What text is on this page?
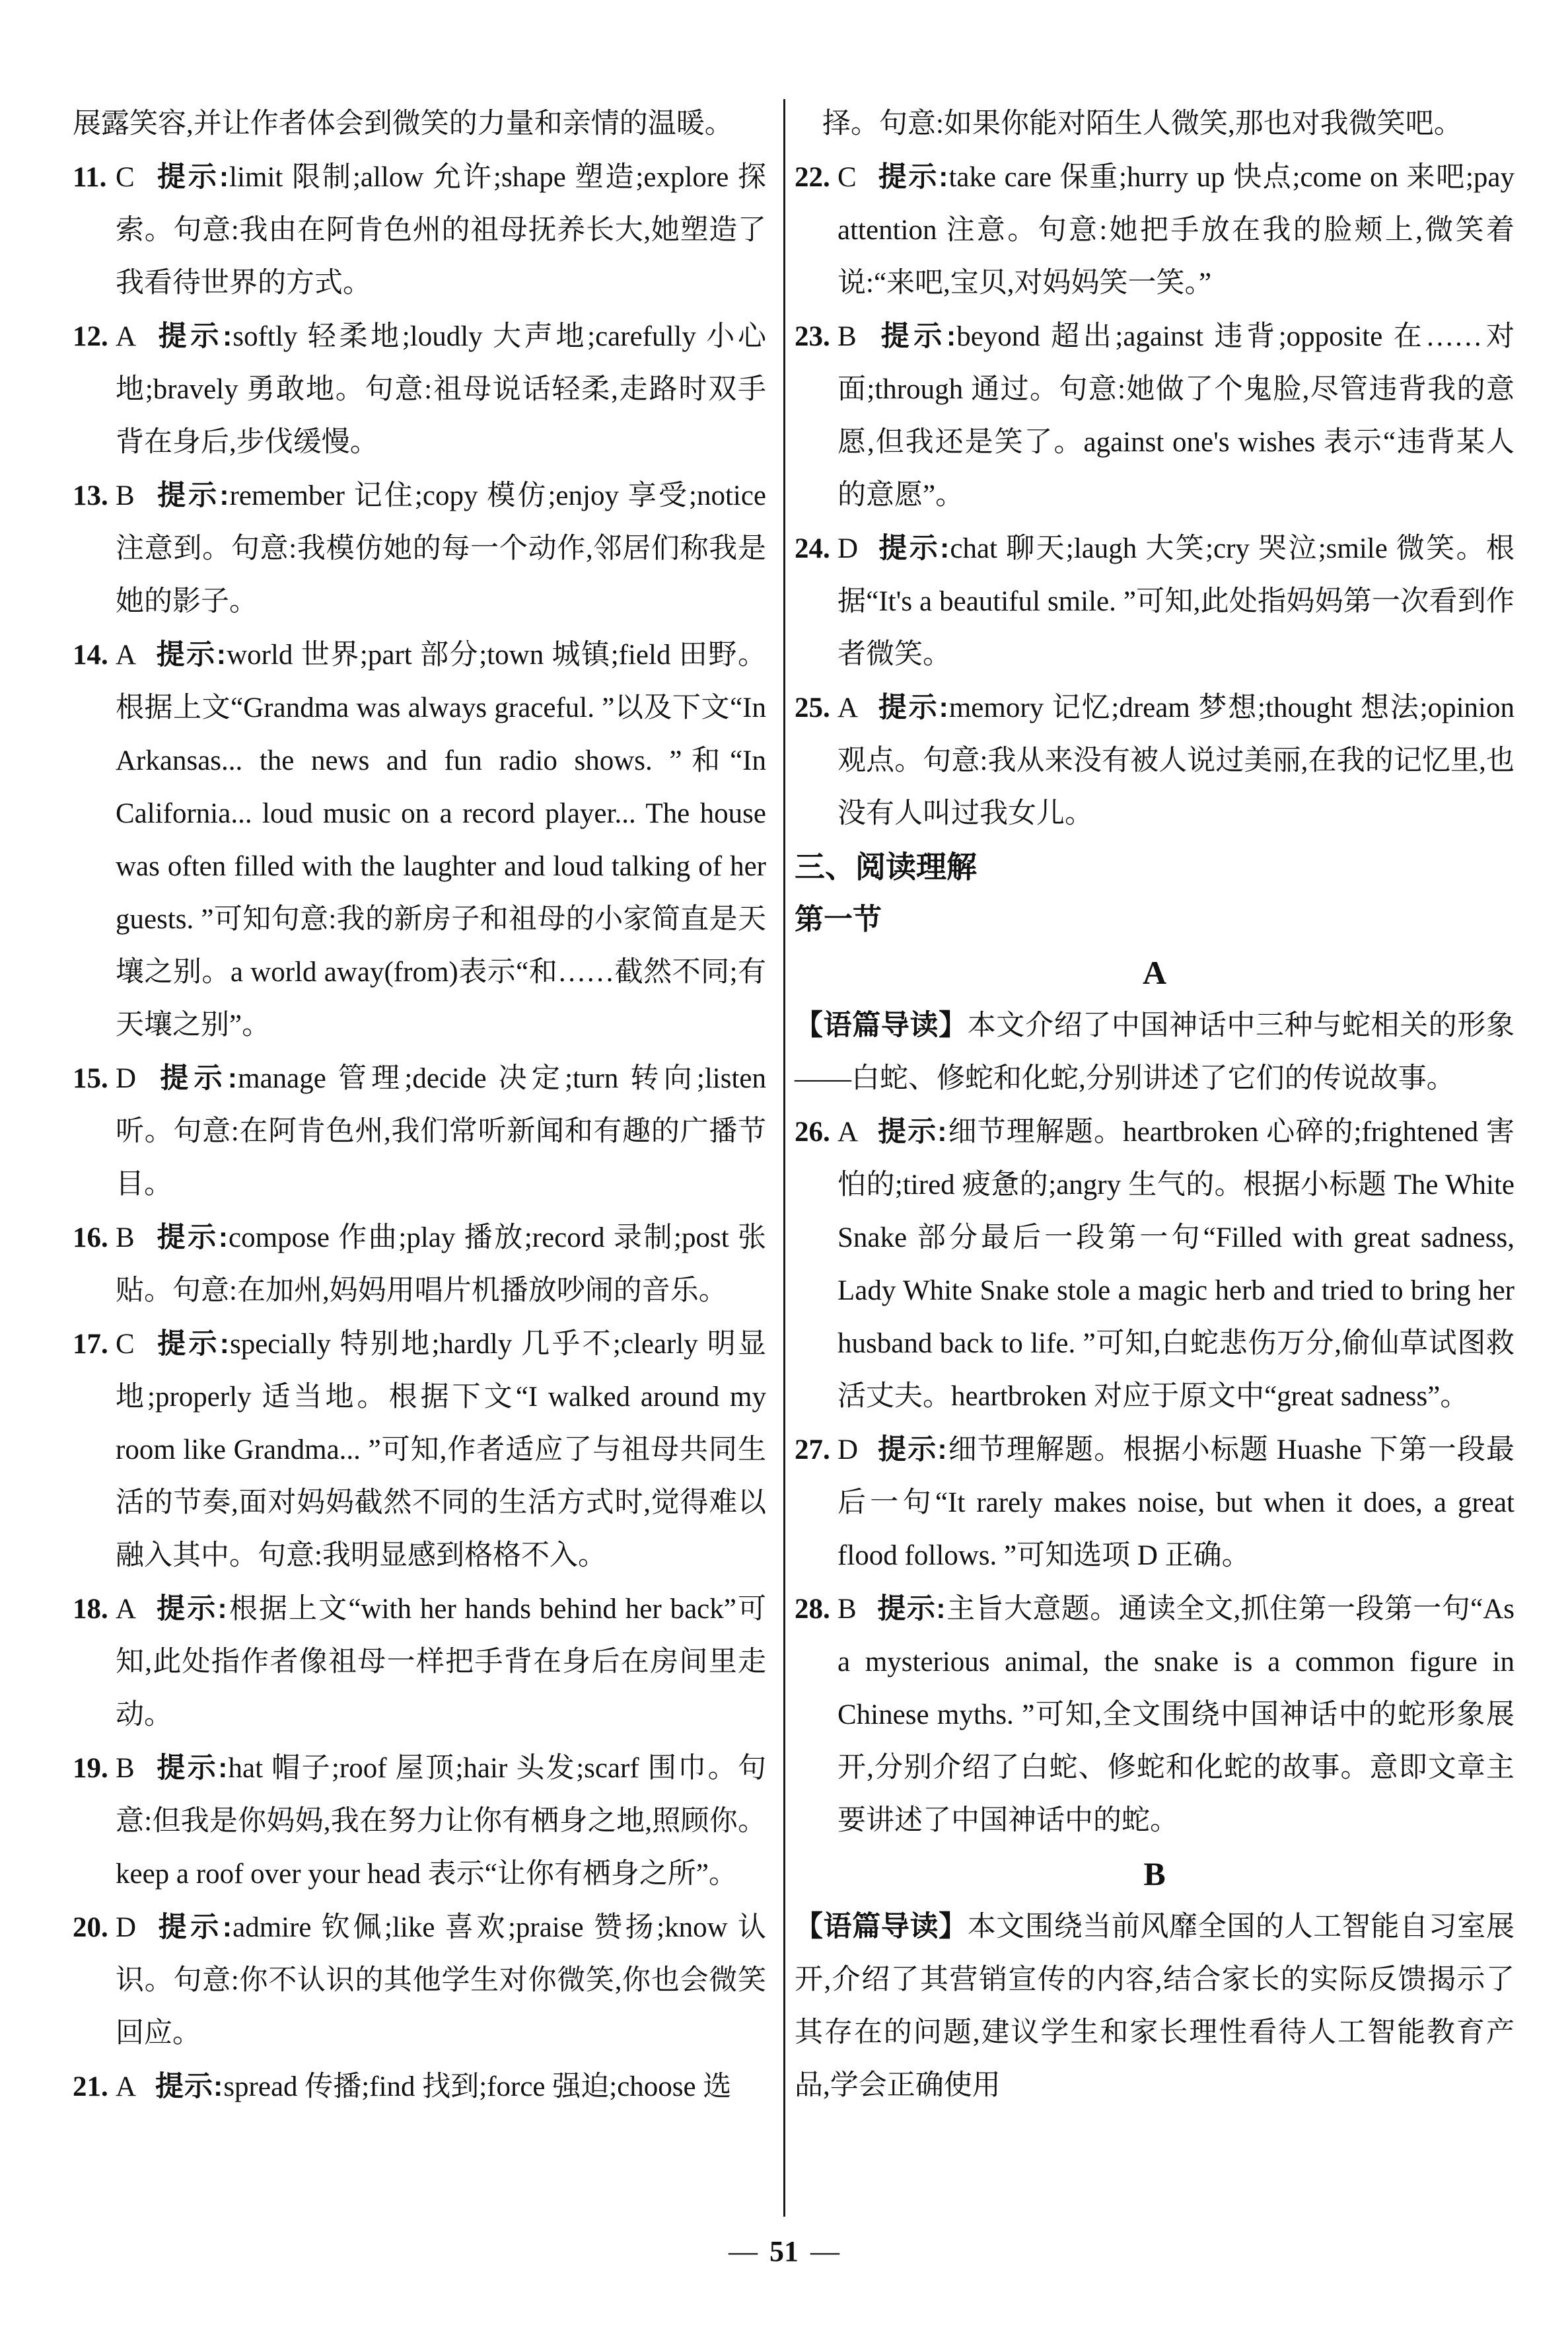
展露笑容,并让作者体会到微笑的力量和亲情的温暖。

11. C 提示:limit 限制;allow 允许;shape 塑造;explore 探索。句意:我由在阿肯色州的祖母抚养长大,她塑造了我看待世界的方式。

12. A 提示:softly 轻柔地;loudly 大声地;carefully 小心地;bravely 勇敢地。句意:祖母说话轻柔,走路时双手背在身后,步伐缓慢。

13. B 提示:remember 记住;copy 模仿;enjoy 享受;notice 注意到。句意:我模仿她的每一个动作,邻居们称我是她的影子。

14. A 提示:world 世界;part 部分;town 城镇;field 田野。根据上文“Grandma was always graceful. ”以及下文“In Arkansas... the news and fun radio shows. ”和“In California... loud music on a record player... The house was often filled with the laughter and loud talking of her guests. ”可知句意:我的新房子和祖母的小家简直是天壤之别。a world away(from)表示“和……截然不同;有天壤之别”。

15. D 提示:manage 管理;decide 决定;turn 转向;listen 听。句意:在阿肯色州,我们常听新闻和有趣的广播节目。

16. B 提示:compose 作曲;play 播放;record 录制;post 张贴。句意:在加州,妈妈用唱片机播放吵闹的音乐。

17. C 提示:specially 特别地;hardly 几乎不;clearly 明显地;properly 适当地。根据下文“I walked around my room like Grandma... ”可知,作者适应了与祖母共同生活的节奏,面对妈妈截然不同的生活方式时,觉得难以融入其中。句意:我明显感到格格不入。

18. A 提示:根据上文“with her hands behind her back”可知,此处指作者像祖母一样把手背在身后在房间里走动。

19. B 提示:hat 帽子;roof 屋顶;hair 头发;scarf 围巾。句意:但我是你妈妈,我在努力让你有栖身之地,照顾你。keep a roof over your head 表示“让你有栖身之所”。

20. D 提示:admire 钦佩;like 喜欢;praise 赞扬;know 认识。句意:你不认识的其他学生对你微笑,你也会微笑回应。

21. A 提示:spread 传播;find 找到;force 强迫;choose 选

择。句意:如果你能对陌生人微笑,那也对我微笑吧。

22. C 提示:take care 保重;hurry up 快点;come on 来吧;pay attention 注意。句意:她把手放在我的脸颊上,微笑着说:“来吧,宝贝,对妈妈笑一笑。”

23. B 提示:beyond 超出;against 违背;opposite 在……对面;through 通过。句意:她做了个鬼脸,尽管违背我的意愿,但我还是笑了。against one's wishes 表示“违背某人的意愿”。

24. D 提示:chat 聊天;laugh 大笑;cry 哭泣;smile 微笑。根据“It's a beautiful smile. ”可知,此处指妈妈第一次看到作者微笑。

25. A 提示:memory 记忆;dream 梦想;thought 想法;opinion 观点。句意:我从来没有被人说过美丽,在我的记忆里,也没有人叫过我女儿。

三、阅读理解

第一节

A

【语篇导读】本文介绍了中国神话中三种与蛇相关的形象——白蛇、修蛇和化蛇,分别讲述了它们的传说故事。

26. A 提示:细节理解题。heartbroken 心碎的;frightened 害怕的;tired 疲惫的;angry 生气的。根据小标题 The White Snake 部分最后一段第一句“Filled with great sadness, Lady White Snake stole a magic herb and tried to bring her husband back to life. ”可知,白蛇悲伤万分,偷仙草试图救活丈夫。heartbroken 对应于原文中“great sadness”。

27. D 提示:细节理解题。根据小标题 Huashe 下第一段最后一句“It rarely makes noise, but when it does, a great flood follows. ”可知选项 D 正确。

28. B 提示:主旨大意题。通读全文,抓住第一段第一句“As a mysterious animal, the snake is a common figure in Chinese myths. ”可知,全文围绕中国神话中的蛇形象展开,分别介绍了白蛇、修蛇和化蛇的故事。意即文章主要讲述了中国神话中的蛇。

B

【语篇导读】本文围绕当前风靡全国的人工智能自习室展开,介绍了其营销宣传的内容,结合家长的实际反馈揭示了其存在的问题,建议学生和家长理性看待人工智能教育产品,学会正确使用

— 51 —
